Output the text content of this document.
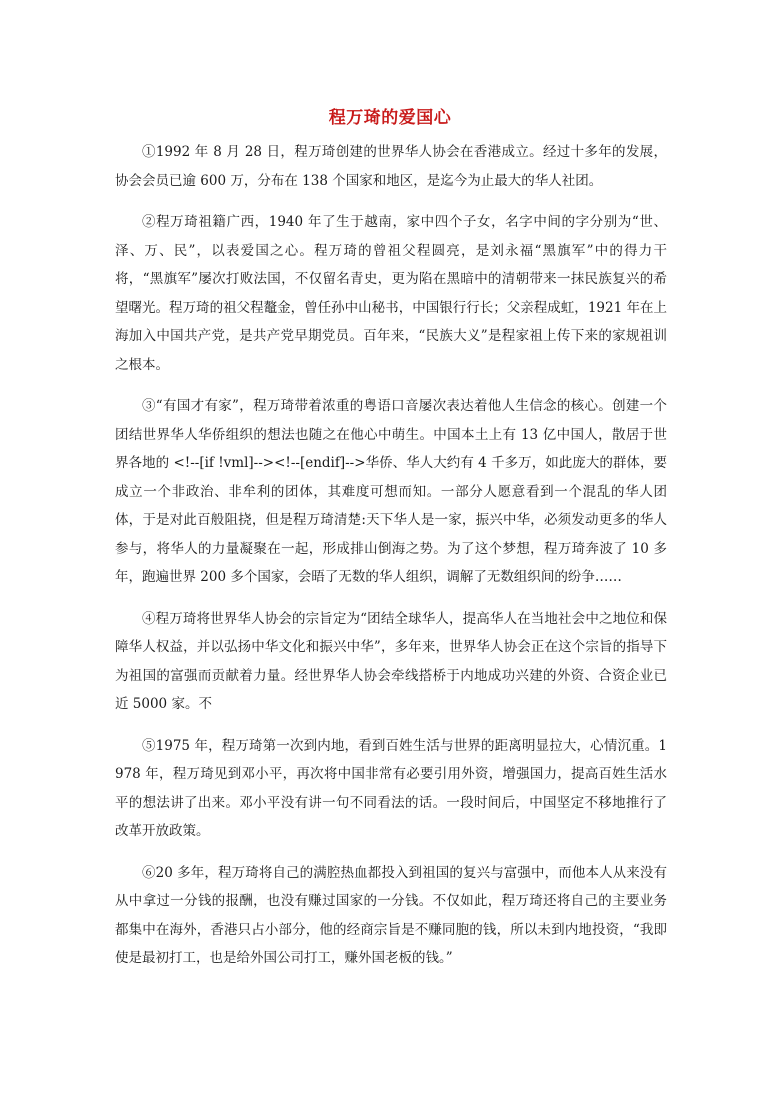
程万琦的爱国心

①1992 年 8 月 28 日，程万琦创建的世界华人协会在香港成立。经过十多年的发展，协会会员已逾 600 万，分布在 138 个国家和地区，是迄今为止最大的华人社团。

②程万琦祖籍广西，1940 年了生于越南，家中四个子女，名字中间的字分别为“世、泽、万、民”，以表爱国之心。程万琦的曾祖父程圆亮，是刘永福“黑旗军”中的得力干将，“黑旗军”屡次打败法国，不仅留名青史，更为陷在黑暗中的清朝带来一抹民族复兴的希望曙光。程万琦的祖父程鼇金，曾任孙中山秘书，中国银行行长；父亲程成虹，1921 年在上海加入中国共产党，是共产党早期党员。百年来，“民族大义”是程家祖上传下来的家规祖训之根本。

③“有国才有家”，程万琦带着浓重的粤语口音屡次表达着他人生信念的核心。创建一个团结世界华人华侨组织的想法也随之在他心中萌生。中国本土上有 13 亿中国人，散居于世界各地的 <!--[if !vml]--><!--[endif]-->华侨、华人大约有 4 千多万，如此庞大的群体，要成立一个非政治、非牟利的团体，其难度可想而知。一部分人愿意看到一个混乱的华人团体，于是对此百般阻挠，但是程万琦清楚:天下华人是一家，振兴中华，必须发动更多的华人参与，将华人的力量凝聚在一起，形成排山倒海之势。为了这个梦想，程万琦奔波了 10 多年，跑遍世界 200 多个国家，会晤了无数的华人组织，调解了无数组织间的纷争……

④程万琦将世界华人协会的宗旨定为“团结全球华人，提高华人在当地社会中之地位和保障华人权益，并以弘扬中华文化和振兴中华”，多年来，世界华人协会正在这个宗旨的指导下为祖国的富强而贡献着力量。经世界华人协会牵线搭桥于内地成功兴建的外资、合资企业已近 5000 家。不

⑤1975 年，程万琦第一次到内地，看到百姓生活与世界的距离明显拉大，心情沉重。1978 年，程万琦见到邓小平，再次将中国非常有必要引用外资，增强国力，提高百姓生活水平的想法讲了出来。邓小平没有讲一句不同看法的话。一段时间后，中国坚定不移地推行了改革开放政策。

⑥20 多年，程万琦将自己的满腔热血都投入到祖国的复兴与富强中，而他本人从来没有从中拿过一分钱的报酬，也没有赚过国家的一分钱。不仅如此，程万琦还将自己的主要业务都集中在海外，香港只占小部分，他的经商宗旨是不赚同胞的钱，所以未到内地投资，“我即使是最初打工，也是给外国公司打工，赚外国老板的钱。”
